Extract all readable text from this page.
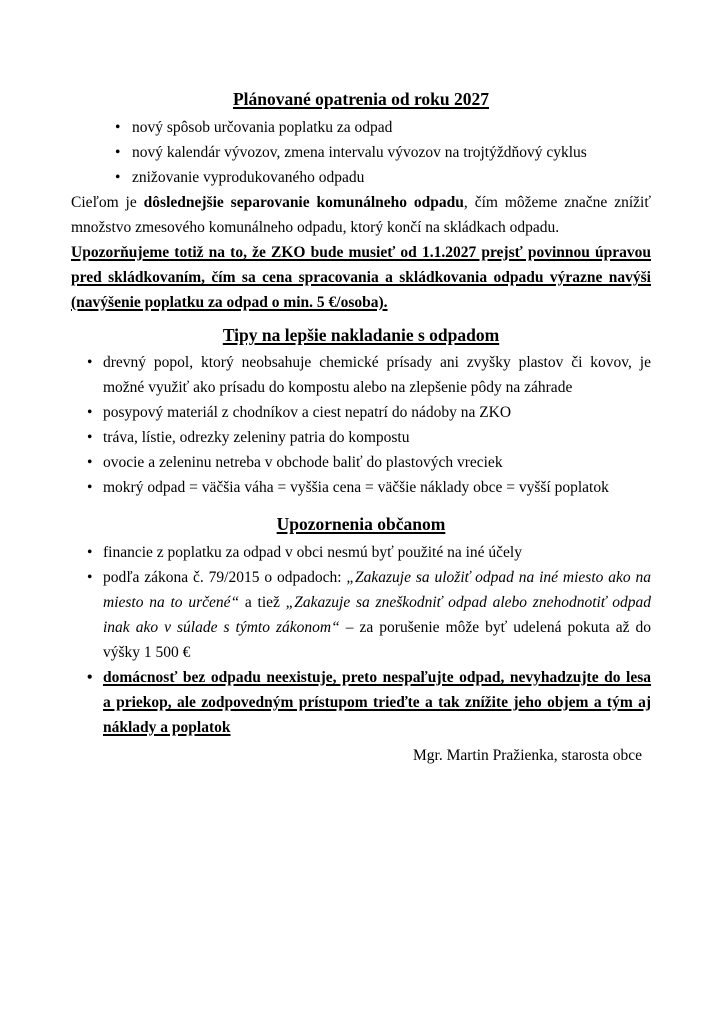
Plánované opatrenia od roku 2027
• nový spôsob určovania poplatku za odpad
• nový kalendár vývozov, zmena intervalu vývozov na trojtýždňový cyklus
• znižovanie vyprodukovaného odpadu

Cieľom je dôslednejšie separovanie komunálneho odpadu, čím môžeme značne znížiť množstvo zmesového komunálneho odpadu, ktorý končí na skládkach odpadu.

Upozorňujeme totiž na to, že ZKO bude musieť od 1.1.2027 prejsť povinnou úpravou pred skládkovaním, čím sa cena spracovania a skládkovania odpadu výrazne navýši (navýšenie poplatku za odpad o min. 5 €/osoba).

Tipy na lepšie nakladanie s odpadom
• drevný popol, ktorý neobsahuje chemické prísady ani zvyšky plastov či kovov, je možné využiť ako prísadu do kompostu alebo na zlepšenie pôdy na záhrade
• posypový materiál z chodníkov a ciest nepatrí do nádoby na ZKO
• tráva, lístie, odrezky zeleniny patria do kompostu
• ovocie a zeleninu netreba v obchode baliť do plastových vreciek
• mokrý odpad = väčšia váha = vyššia cena = väčšie náklady obce = vyšší poplatok
Upozornenia občanom
• financie z poplatku za odpad v obci nesmú byť použité na iné účely
• podľa zákona č. 79/2015 o odpadoch: „Zakazuje sa uložiť odpad na iné miesto ako na miesto na to určené“ a tiež „Zakazuje sa zneškodniť odpad alebo znehodnotiť odpad inak ako v súlade s týmto zákonom“ – za porušenie môže byť udelená pokuta až do výšky 1 500 €
• domácnosť bez odpadu neexistuje, preto nespaľujte odpad, nevyhadzujte do lesa a priekop, ale zodpovedným prístupom trieďte a tak znížite jeho objem a tým aj náklady a poplatok

Mgr. Martin Pražienka, starosta obce
